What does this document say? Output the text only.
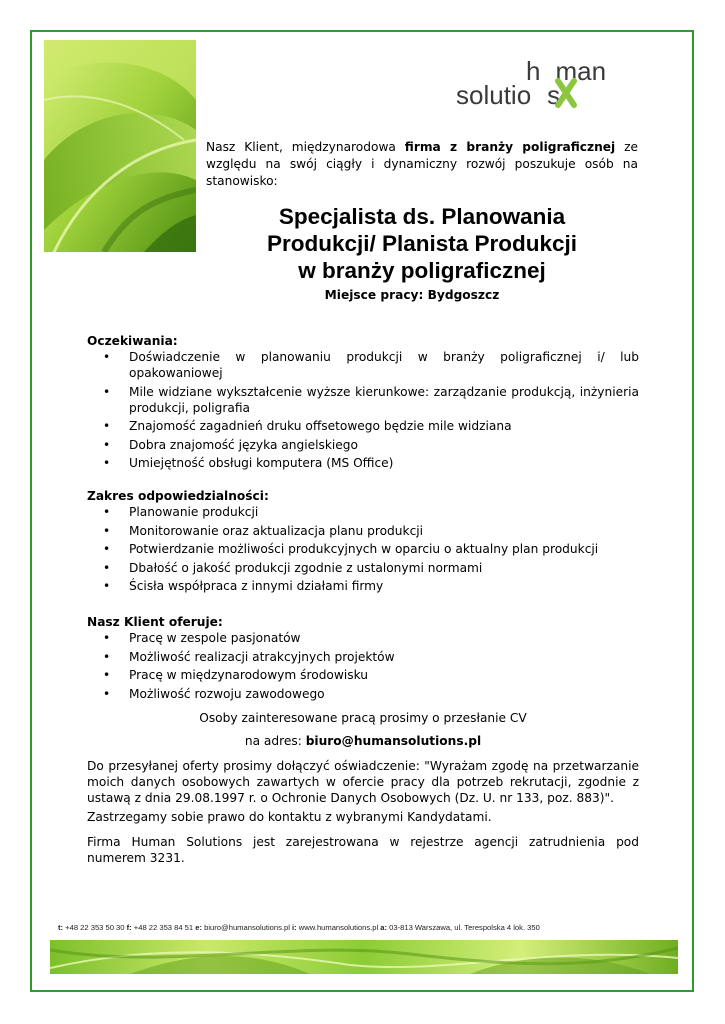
h man
solutio s
Nasz Klient, międzynarodowa firma z branży poligraficznej ze względu na swój ciągły i dynamiczny rozwój poszukuje osób na stanowisko:
Specjalista ds. Planowania
Produkcji/ Planista Produkcji
w branży poligraficznej
Miejsce pracy: Bydgoszcz
Oczekiwania:
• Doświadczenie w planowaniu produkcji w branży poligraficznej i/ lub opakowaniowej
• Mile widziane wykształcenie wyższe kierunkowe: zarządzanie produkcją, inżynieria produkcji, poligrafia
• Znajomość zagadnień druku offsetowego będzie mile widziana
• Dobra znajomość języka angielskiego
• Umiejętność obsługi komputera (MS Office)
Zakres odpowiedzialności:
• Planowanie produkcji
• Monitorowanie oraz aktualizacja planu produkcji
• Potwierdzanie możliwości produkcyjnych w oparciu o aktualny plan produkcji
• Dbałość o jakość produkcji zgodnie z ustalonymi normami
• Ścisła współpraca z innymi działami firmy
Nasz Klient oferuje:
• Pracę w zespole pasjonatów
• Możliwość realizacji atrakcyjnych projektów
• Pracę w międzynarodowym środowisku
• Możliwość rozwoju zawodowego
Osoby zainteresowane pracą prosimy o przesłanie CV
na adres: biuro@humansolutions.pl
Do przesyłanej oferty prosimy dołączyć oświadczenie: "Wyrażam zgodę na przetwarzanie moich danych osobowych zawartych w ofercie pracy dla potrzeb rekrutacji, zgodnie z ustawą z dnia 29.08.1997 r. o Ochronie Danych Osobowych (Dz. U. nr 133, poz. 883)".
Zastrzegamy sobie prawo do kontaktu z wybranymi Kandydatami.
Firma Human Solutions jest zarejestrowana w rejestrze agencji zatrudnienia pod numerem 3231.
t: +48 22 353 50 30 f: +48 22 353 84 51 e: biuro@humansolutions.pl i: www.humansolutions.pl a: 03-813 Warszawa, ul. Terespolska 4 lok. 350
